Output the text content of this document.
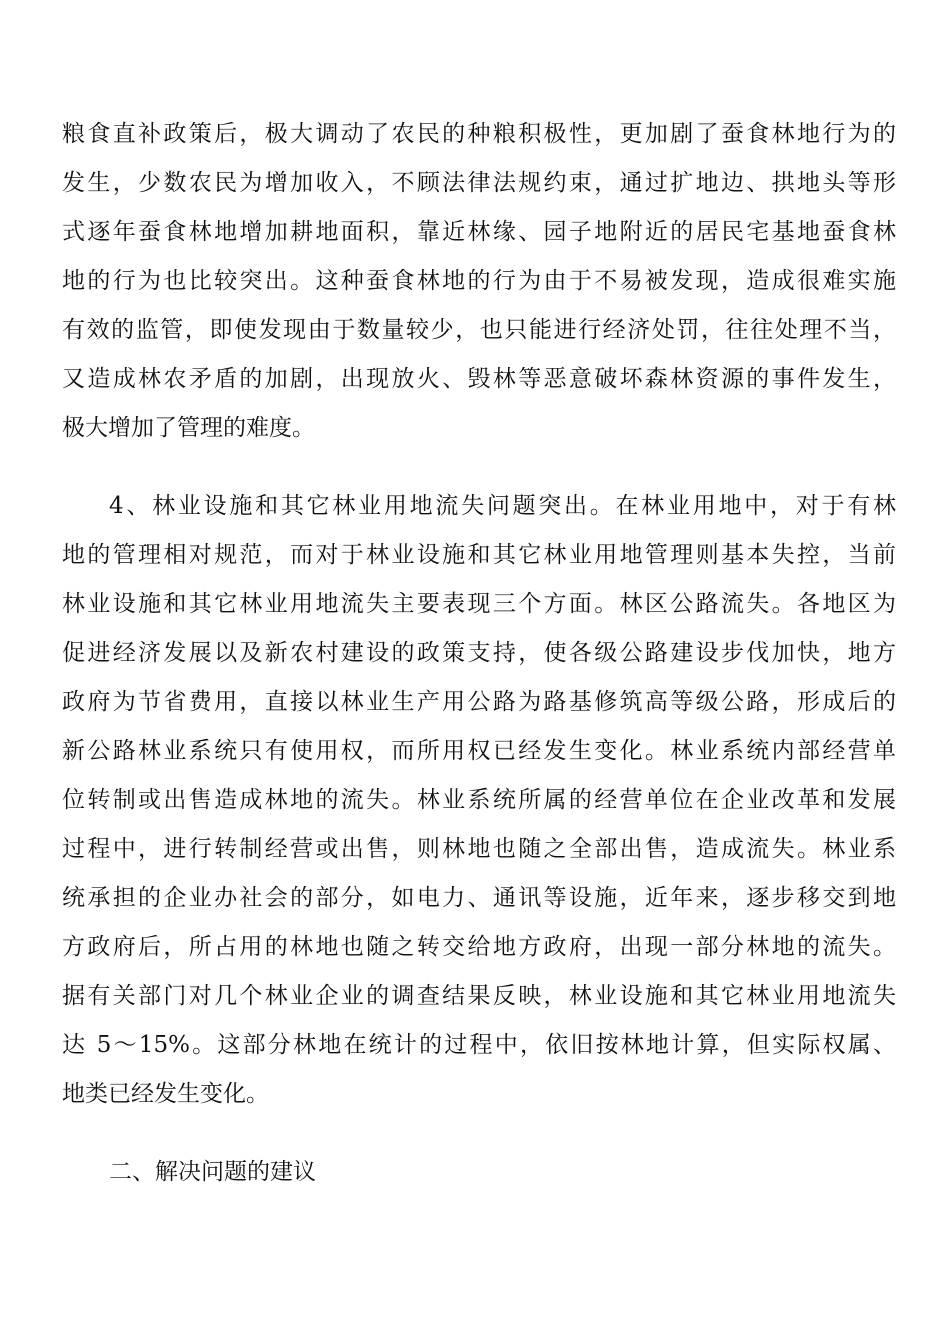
粮食直补政策后，极大调动了农民的种粮积极性，更加剧了蚕食林地行为的
发生，少数农民为增加收入，不顾法律法规约束，通过扩地边、拱地头等形
式逐年蚕食林地增加耕地面积，靠近林缘、园子地附近的居民宅基地蚕食林
地的行为也比较突出。这种蚕食林地的行为由于不易被发现，造成很难实施
有效的监管，即使发现由于数量较少，也只能进行经济处罚，往往处理不当，
又造成林农矛盾的加剧，出现放火、毁林等恶意破坏森林资源的事件发生，
极大增加了管理的难度。
4、林业设施和其它林业用地流失问题突出。在林业用地中，对于有林
地的管理相对规范，而对于林业设施和其它林业用地管理则基本失控，当前
林业设施和其它林业用地流失主要表现三个方面。林区公路流失。各地区为
促进经济发展以及新农村建设的政策支持，使各级公路建设步伐加快，地方
政府为节省费用，直接以林业生产用公路为路基修筑高等级公路，形成后的
新公路林业系统只有使用权，而所用权已经发生变化。林业系统内部经营单
位转制或出售造成林地的流失。林业系统所属的经营单位在企业改革和发展
过程中，进行转制经营或出售，则林地也随之全部出售，造成流失。林业系
统承担的企业办社会的部分，如电力、通讯等设施，近年来，逐步移交到地
方政府后，所占用的林地也随之转交给地方政府，出现一部分林地的流失。
据有关部门对几个林业企业的调查结果反映，林业设施和其它林业用地流失
达 5～15%。这部分林地在统计的过程中，依旧按林地计算，但实际权属、
地类已经发生变化。
二、解决问题的建议
